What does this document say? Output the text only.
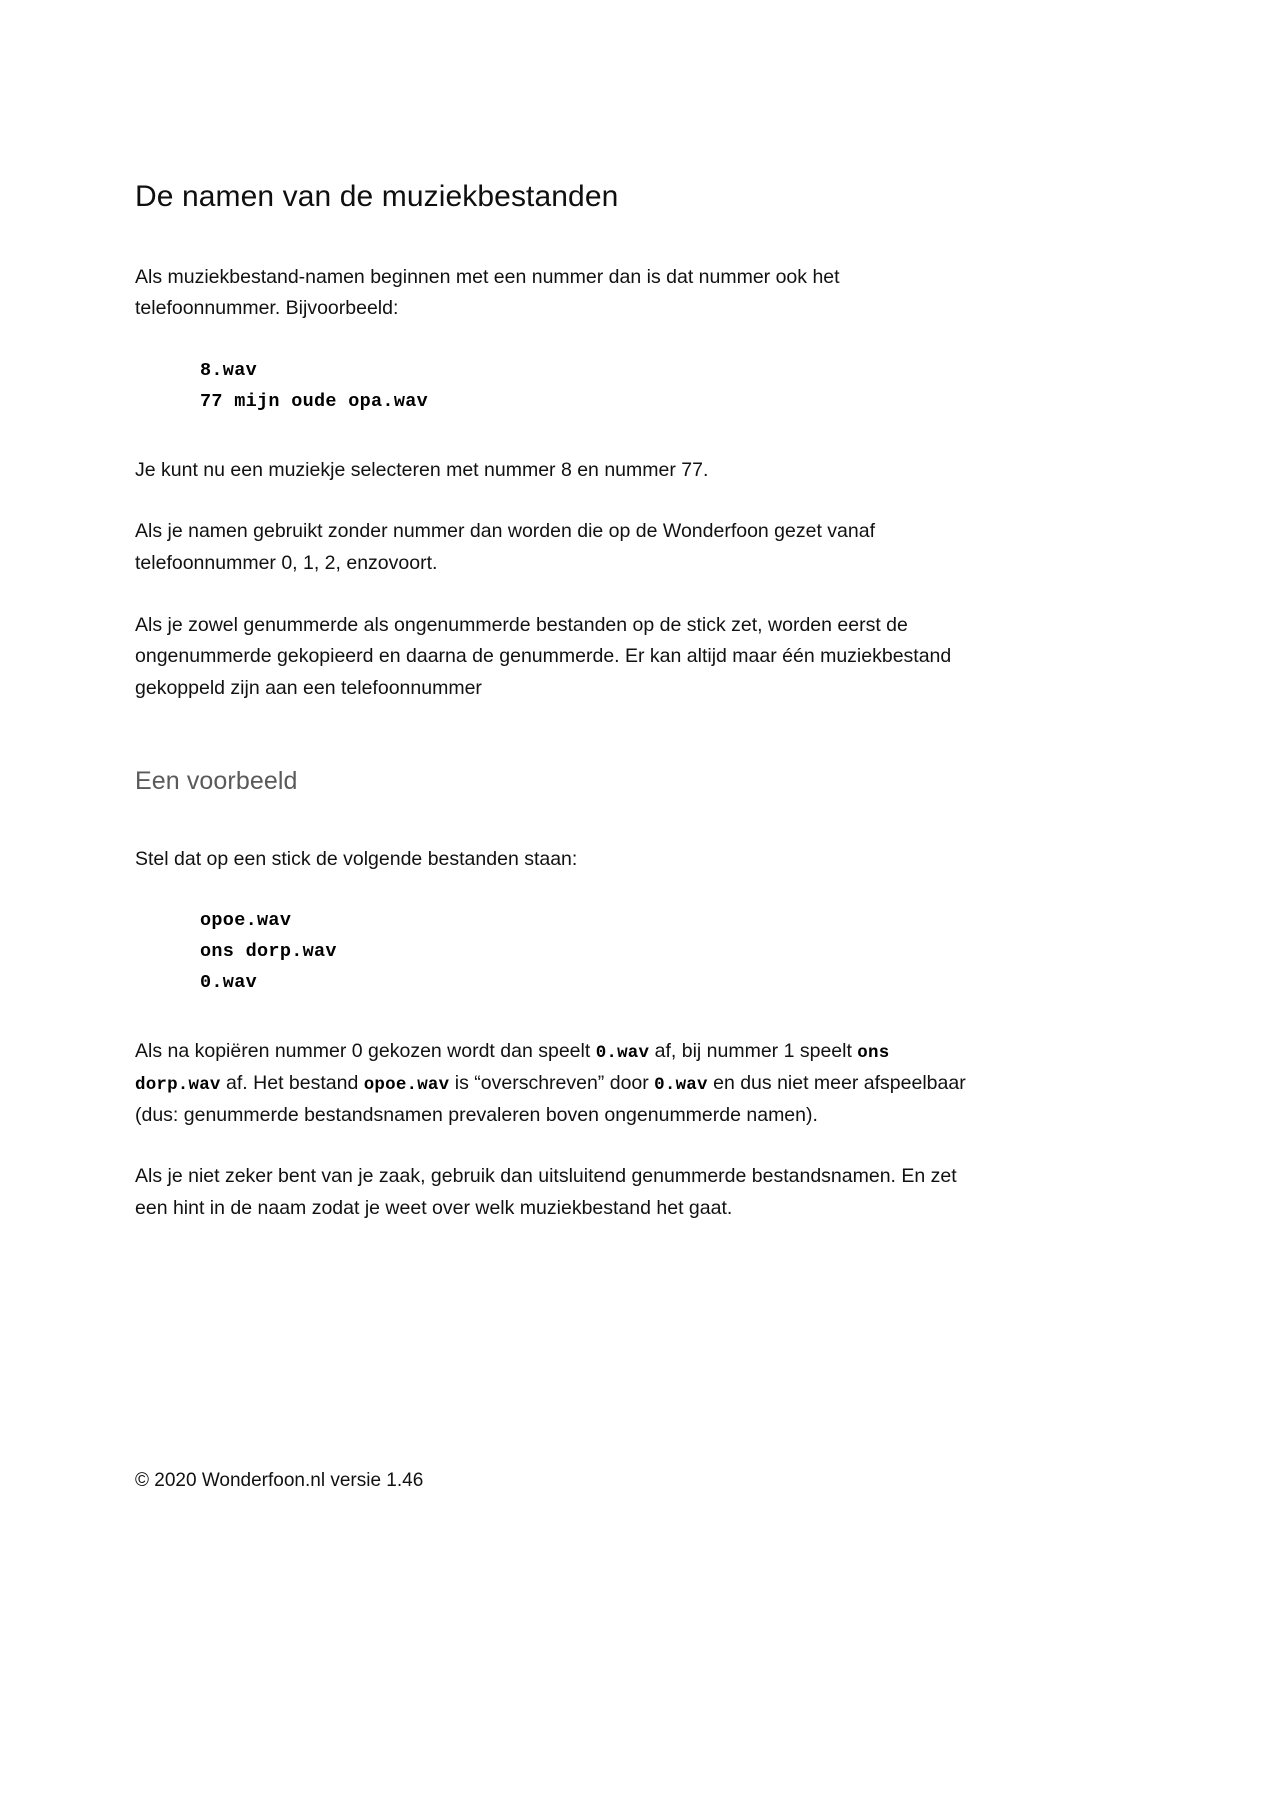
De namen van de muziekbestanden

Als muziekbestand-namen beginnen met een nummer dan is dat nummer ook het telefoonnummer. Bijvoorbeeld:

8.wav
77 mijn oude opa.wav

Je kunt nu een muziekje selecteren met nummer 8 en nummer 77.

Als je namen gebruikt zonder nummer dan worden die op de Wonderfoon gezet vanaf telefoonnummer 0, 1, 2, enzovoort.

Als je zowel genummerde als ongenummerde bestanden op de stick zet, worden eerst de ongenummerde gekopieerd en daarna de genummerde. Er kan altijd maar één muziekbestand gekoppeld zijn aan een telefoonnummer

Een voorbeeld

Stel dat op een stick de volgende bestanden staan:

opoe.wav
ons dorp.wav
0.wav

Als na kopiëren nummer 0 gekozen wordt dan speelt 0.wav af, bij nummer 1 speelt ons dorp.wav af. Het bestand opoe.wav is “overschreven” door 0.wav en dus niet meer afspeelbaar (dus: genummerde bestandsnamen prevaleren boven ongenummerde namen).

Als je niet zeker bent van je zaak, gebruik dan uitsluitend genummerde bestandsnamen. En zet een hint in de naam zodat je weet over welk muziekbestand het gaat.

© 2020 Wonderfoon.nl versie 1.46
